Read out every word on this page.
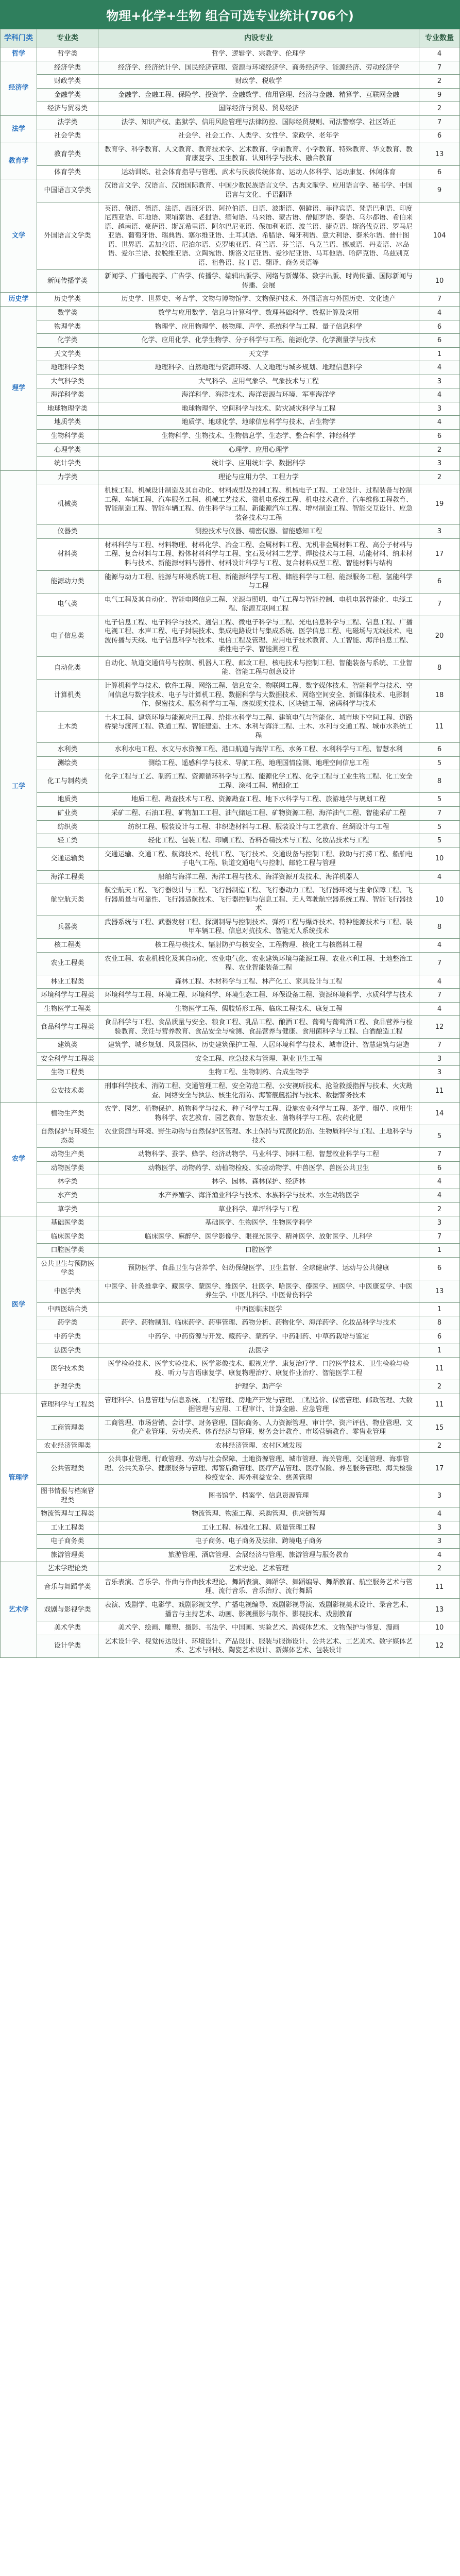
物理+化学+生物 组合可选专业统计(706个)
学科门类	专业类	内设专业	专业数量
哲学	哲学类	哲学、逻辑学、宗教学、伦理学	4
经济学	经济学类	经济学、经济统计学、国民经济管理、资源与环境经济学、商务经济学、能源经济、劳动经济学	7
	财政学类	财政学、税收学	2
	金融学类	金融学、金融工程、保险学、投资学、金融数学、信用管理、经济与金融、精算学、互联网金融	9
	经济与贸易类	国际经济与贸易、贸易经济	2
法学	法学类	法学、知识产权、监狱学、信用风险管理与法律防控、国际经贸规则、司法警察学、社区矫正	7
	社会学类	社会学、社会工作、人类学、女性学、家政学、老年学	6
教育学	教育学类	教育学、科学教育、人文教育、教育技术学、艺术教育、学前教育、小学教育、特殊教育、华文教育、教育康复学、卫生教育、认知科学与技术、融合教育	13
	体育学类	运动训练、社会体育指导与管理、武术与民族传统体育、运动人体科学、运动康复、休闲体育	6
文学	中国语言文学类	汉语言文学、汉语言、汉语国际教育、中国少数民族语言文学、古典文献学、应用语言学、秘书学、中国语言与文化、手语翻译	9
	外国语言文学类	英语、俄语、德语、法语、西班牙语、阿拉伯语、日语、波斯语、朝鲜语、菲律宾语、梵语巴利语、印度尼西亚语、印地语、柬埔寨语、老挝语、缅甸语、马来语、蒙古语、僧伽罗语、泰语、乌尔都语、希伯来语、越南语、豪萨语、斯瓦希里语、阿尔巴尼亚语、保加利亚语、波兰语、捷克语、斯洛伐克语、罗马尼亚语、葡萄牙语、瑞典语、塞尔维亚语、土耳其语、希腊语、匈牙利语、意大利语、泰米尔语、普什图语、世界语、孟加拉语、尼泊尔语、克罗地亚语、荷兰语、芬兰语、乌克兰语、挪威语、丹麦语、冰岛语、爱尔兰语、拉脱维亚语、立陶宛语、斯洛文尼亚语、爱沙尼亚语、马耳他语、哈萨克语、乌兹别克语、祖鲁语、拉丁语、翻译、商务英语等	104
	新闻传播学类	新闻学、广播电视学、广告学、传播学、编辑出版学、网络与新媒体、数字出版、时尚传播、国际新闻与传播、会展	10
历史学	历史学类	历史学、世界史、考古学、文物与博物馆学、文物保护技术、外国语言与外国历史、文化遗产	7
理学	数学类	数学与应用数学、信息与计算科学、数理基础科学、数据计算及应用	4
	物理学类	物理学、应用物理学、核物理、声学、系统科学与工程、量子信息科学	6
	化学类	化学、应用化学、化学生物学、分子科学与工程、能源化学、化学测量学与技术	6
	天文学类	天文学	1
	地理科学类	地理科学、自然地理与资源环境、人文地理与城乡规划、地理信息科学	4
	大气科学类	大气科学、应用气象学、气象技术与工程	3
	海洋科学类	海洋科学、海洋技术、海洋资源与环境、军事海洋学	4
	地球物理学类	地球物理学、空间科学与技术、防灾减灾科学与工程	3
	地质学类	地质学、地球化学、地球信息科学与技术、古生物学	4
	生物科学类	生物科学、生物技术、生物信息学、生态学、整合科学、神经科学	6
	心理学类	心理学、应用心理学	2
	统计学类	统计学、应用统计学、数据科学	3
工学	力学类	理论与应用力学、工程力学	2
	机械类	机械工程、机械设计制造及其自动化、材料成型及控制工程、机械电子工程、工业设计、过程装备与控制工程、车辆工程、汽车服务工程、机械工艺技术、微机电系统工程、机电技术教育、汽车维修工程教育、智能制造工程、智能车辆工程、仿生科学与工程、新能源汽车工程、增材制造工程、智能交互设计、应急装备技术与工程	19
	仪器类	测控技术与仪器、精密仪器、智能感知工程	3
	材料类	材料科学与工程、材料物理、材料化学、冶金工程、金属材料工程、无机非金属材料工程、高分子材料与工程、复合材料与工程、粉体材料科学与工程、宝石及材料工艺学、焊接技术与工程、功能材料、纳米材料与技术、新能源材料与器件、材料设计科学与工程、复合材料成型工程、智能材料与结构	17
	能源动力类	能源与动力工程、能源与环境系统工程、新能源科学与工程、储能科学与工程、能源服务工程、氢能科学与工程	6
	电气类	电气工程及其自动化、智能电网信息工程、光源与照明、电气工程与智能控制、电机电器智能化、电缆工程、能源互联网工程	7
	电子信息类	电子信息工程、电子科学与技术、通信工程、微电子科学与工程、光电信息科学与工程、信息工程、广播电视工程、水声工程、电子封装技术、集成电路设计与集成系统、医学信息工程、电磁场与无线技术、电波传播与天线、电子信息科学与技术、电信工程及管理、应用电子技术教育、人工智能、海洋信息工程、柔性电子学、智能测控工程	20
	自动化类	自动化、轨道交通信号与控制、机器人工程、邮政工程、核电技术与控制工程、智能装备与系统、工业智能、智能工程与创意设计	8
	计算机类	计算机科学与技术、软件工程、网络工程、信息安全、物联网工程、数字媒体技术、智能科学与技术、空间信息与数字技术、电子与计算机工程、数据科学与大数据技术、网络空间安全、新媒体技术、电影制作、保密技术、服务科学与工程、虚拟现实技术、区块链工程、密码科学与技术	18
	土木类	土木工程、建筑环境与能源应用工程、给排水科学与工程、建筑电气与智能化、城市地下空间工程、道路桥梁与渡河工程、铁道工程、智能建造、土木、水利与海洋工程、土木、水利与交通工程、城市水系统工程	11
	水利类	水利水电工程、水文与水资源工程、港口航道与海岸工程、水务工程、水利科学与工程、智慧水利	6
	测绘类	测绘工程、遥感科学与技术、导航工程、地理国情监测、地理空间信息工程	5
	化工与制药类	化学工程与工艺、制药工程、资源循环科学与工程、能源化学工程、化学工程与工业生物工程、化工安全工程、涂料工程、精细化工	8
	地质类	地质工程、勘查技术与工程、资源勘查工程、地下水科学与工程、旅游地学与规划工程	5
	矿业类	采矿工程、石油工程、矿物加工工程、油气储运工程、矿物资源工程、海洋油气工程、智能采矿工程	7
	纺织类	纺织工程、服装设计与工程、非织造材料与工程、服装设计与工艺教育、丝绸设计与工程	5
	轻工类	轻化工程、包装工程、印刷工程、香料香精技术与工程、化妆品技术与工程	5
	交通运输类	交通运输、交通工程、航海技术、轮机工程、飞行技术、交通设备与控制工程、救助与打捞工程、船舶电子电气工程、轨道交通电气与控制、邮轮工程与管理	10
	海洋工程类	船舶与海洋工程、海洋工程与技术、海洋资源开发技术、海洋机器人	4
	航空航天类	航空航天工程、飞行器设计与工程、飞行器制造工程、飞行器动力工程、飞行器环境与生命保障工程、飞行器质量与可靠性、飞行器适航技术、飞行器控制与信息工程、无人驾驶航空器系统工程、智能飞行器技术	10
	兵器类	武器系统与工程、武器发射工程、探测制导与控制技术、弹药工程与爆炸技术、特种能源技术与工程、装甲车辆工程、信息对抗技术、智能无人系统技术	8
	核工程类	核工程与核技术、辐射防护与核安全、工程物理、核化工与核燃料工程	4
	农业工程类	农业工程、农业机械化及其自动化、农业电气化、农业建筑环境与能源工程、农业水利工程、土地整治工程、农业智能装备工程	7
	林业工程类	森林工程、木材科学与工程、林产化工、家具设计与工程	4
	环境科学与工程类	环境科学与工程、环境工程、环境科学、环境生态工程、环保设备工程、资源环境科学、水质科学与技术	7
	生物医学工程类	生物医学工程、假肢矫形工程、临床工程技术、康复工程	4
	食品科学与工程类	食品科学与工程、食品质量与安全、粮食工程、乳品工程、酿酒工程、葡萄与葡萄酒工程、食品营养与检验教育、烹饪与营养教育、食品安全与检测、食品营养与健康、食用菌科学与工程、白酒酿造工程	12
	建筑类	建筑学、城乡规划、风景园林、历史建筑保护工程、人居环境科学与技术、城市设计、智慧建筑与建造	7
	安全科学与工程类	安全工程、应急技术与管理、职业卫生工程	3
	生物工程类	生物工程、生物制药、合成生物学	3
	公安技术类	刑事科学技术、消防工程、交通管理工程、安全防范工程、公安视听技术、抢险救援指挥与技术、火灾勘查、网络安全与执法、核生化消防、海警舰艇指挥与技术、数据警务技术	11
农学	植物生产类	农学、园艺、植物保护、植物科学与技术、种子科学与工程、设施农业科学与工程、茶学、烟草、应用生物科学、农艺教育、园艺教育、智慧农业、菌物科学与工程、农药化肥	14
	自然保护与环境生态类	农业资源与环境、野生动物与自然保护区管理、水土保持与荒漠化防治、生物质科学与工程、土地科学与技术	5
	动物生产类	动物科学、蚕学、蜂学、经济动物学、马业科学、饲料工程、智慧牧业科学与工程	7
	动物医学类	动物医学、动物药学、动植物检疫、实验动物学、中兽医学、兽医公共卫生	6
	林学类	林学、园林、森林保护、经济林	4
	水产类	水产养殖学、海洋渔业科学与技术、水族科学与技术、水生动物医学	4
	草学类	草业科学、草坪科学与工程	2
医学	基础医学类	基础医学、生物医学、生物医学科学	3
	临床医学类	临床医学、麻醉学、医学影像学、眼视光医学、精神医学、放射医学、儿科学	7
	口腔医学类	口腔医学	1
	公共卫生与预防医学类	预防医学、食品卫生与营养学、妇幼保健医学、卫生监督、全球健康学、运动与公共健康	6
	中医学类	中医学、针灸推拿学、藏医学、蒙医学、维医学、壮医学、哈医学、傣医学、回医学、中医康复学、中医养生学、中医儿科学、中医骨伤科学	13
	中西医结合类	中西医临床医学	1
	药学类	药学、药物制剂、临床药学、药事管理、药物分析、药物化学、海洋药学、化妆品科学与技术	8
	中药学类	中药学、中药资源与开发、藏药学、蒙药学、中药制药、中草药栽培与鉴定	6
	法医学类	法医学	1
	医学技术类	医学检验技术、医学实验技术、医学影像技术、眼视光学、康复治疗学、口腔医学技术、卫生检验与检疫、听力与言语康复学、康复物理治疗、康复作业治疗、智能医学工程	11
	护理学类	护理学、助产学	2
管理学	管理科学与工程类	管理科学、信息管理与信息系统、工程管理、房地产开发与管理、工程造价、保密管理、邮政管理、大数据管理与应用、工程审计、计算金融、应急管理	11
	工商管理类	工商管理、市场营销、会计学、财务管理、国际商务、人力资源管理、审计学、资产评估、物业管理、文化产业管理、劳动关系、体育经济与管理、财务会计教育、市场营销教育、零售业管理	15
	农业经济管理类	农林经济管理、农村区域发展	2
	公共管理类	公共事业管理、行政管理、劳动与社会保障、土地资源管理、城市管理、海关管理、交通管理、海事管理、公共关系学、健康服务与管理、海警后勤管理、医疗产品管理、医疗保险、养老服务管理、海关检验检疫安全、海外利益安全、慈善管理	17
	图书情报与档案管理类	图书馆学、档案学、信息资源管理	3
	物流管理与工程类	物流管理、物流工程、采购管理、供应链管理	4
	工业工程类	工业工程、标准化工程、质量管理工程	3
	电子商务类	电子商务、电子商务及法律、跨境电子商务	3
	旅游管理类	旅游管理、酒店管理、会展经济与管理、旅游管理与服务教育	4
艺术学	艺术学理论类	艺术史论、艺术管理	2
	音乐与舞蹈学类	音乐表演、音乐学、作曲与作曲技术理论、舞蹈表演、舞蹈学、舞蹈编导、舞蹈教育、航空服务艺术与管理、流行音乐、音乐治疗、流行舞蹈	11
	戏剧与影视学类	表演、戏剧学、电影学、戏剧影视文学、广播电视编导、戏剧影视导演、戏剧影视美术设计、录音艺术、播音与主持艺术、动画、影视摄影与制作、影视技术、戏剧教育	13
	美术学类	美术学、绘画、雕塑、摄影、书法学、中国画、实验艺术、跨媒体艺术、文物保护与修复、漫画	10
	设计学类	艺术设计学、视觉传达设计、环境设计、产品设计、服装与服饰设计、公共艺术、工艺美术、数字媒体艺术、艺术与科技、陶瓷艺术设计、新媒体艺术、包装设计	12
